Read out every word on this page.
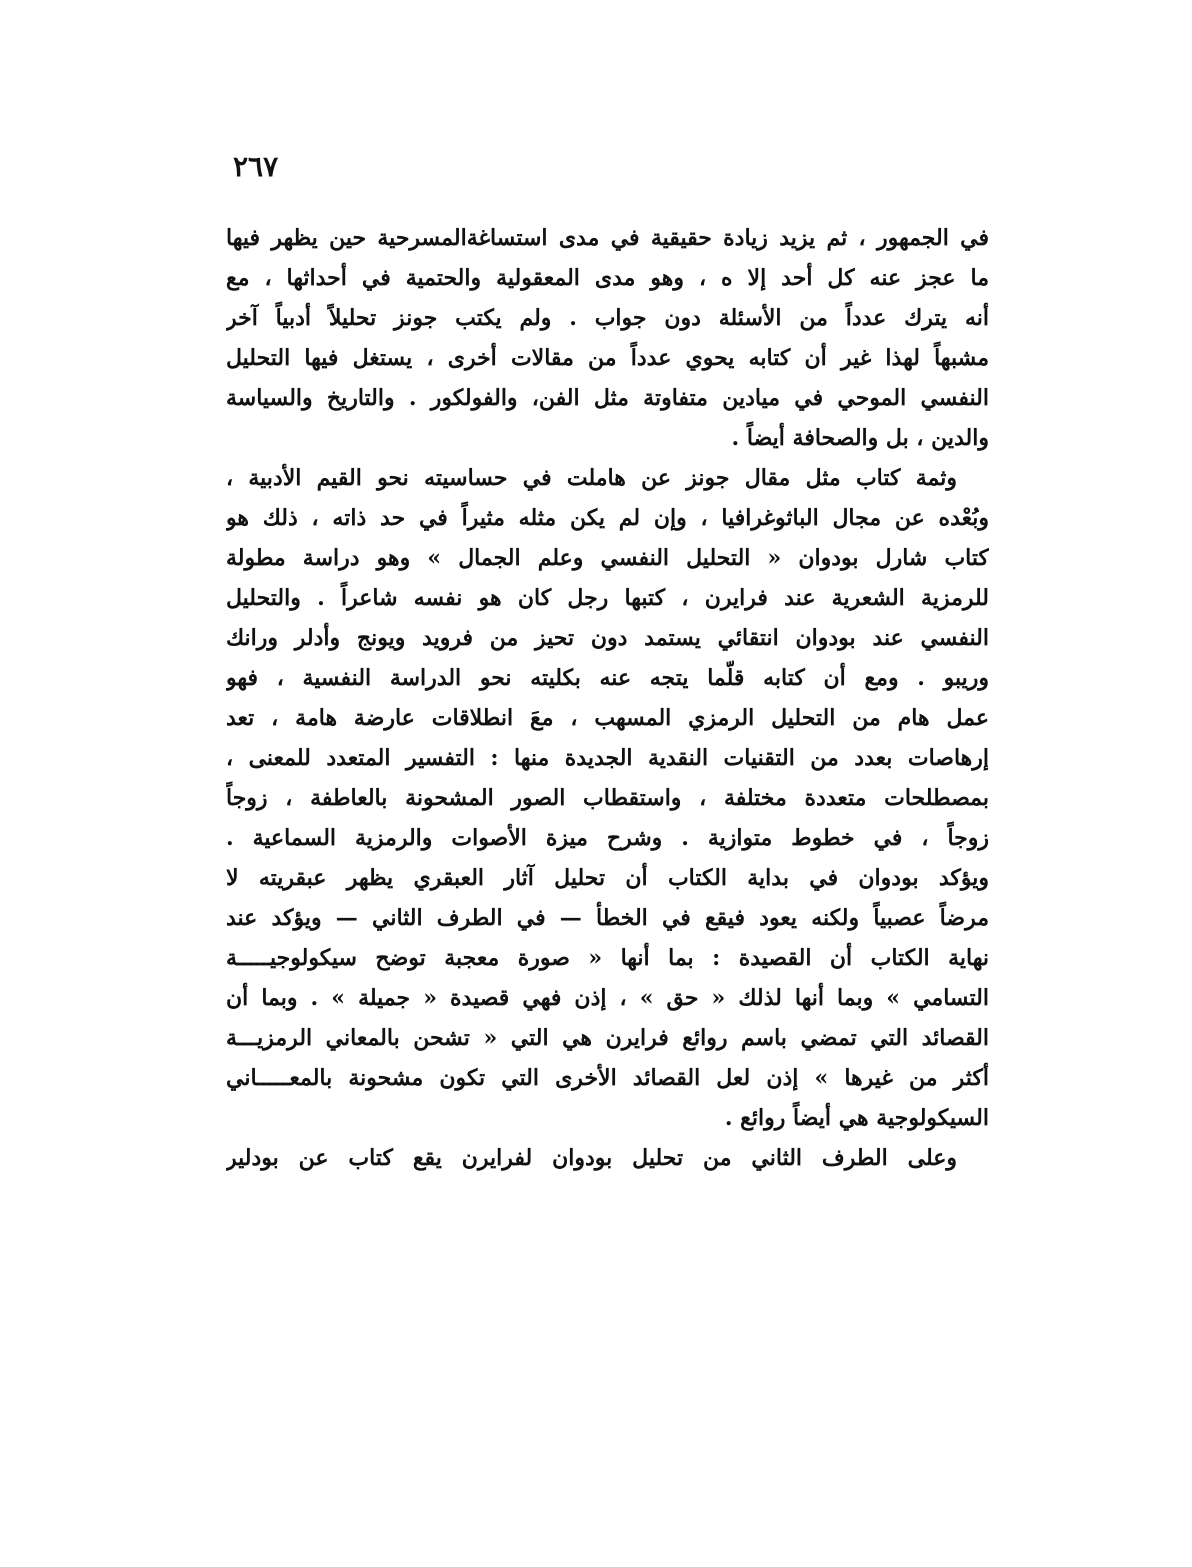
٢٦٧
في الجمهور ، ثم يزيد زيادة حقيقية في مدى استساغةالمسرحية حين يظهر فيها
ما عجز عنه كل أحد إلا ه ، وهو مدى المعقولية والحتمية في أحداثها ، مع
أنه يترك عدداً من الأسئلة دون جواب . ولم يكتب جونز تحليلاً أدبياً آخر
مشبهاً لهذا غير أن كتابه يحوي عدداً من مقالات أخرى ، يستغل فيها التحليل
النفسي الموحي في ميادين متفاوتة مثل الفن، والفولكور . والتاريخ والسياسة
والدين ، بل والصحافة أيضاً .
وثمة كتاب مثل مقال جونز عن هاملت في حساسيته نحو القيم الأدبية ،
وبُعْده عن مجال الباثوغرافيا ، وإن لم يكن مثله مثيراً في حد ذاته ، ذلك هو
كتاب شارل بودوان « التحليل النفسي وعلم الجمال » وهو دراسة مطولة
للرمزية الشعرية عند فرايرن ، كتبها رجل كان هو نفسه شاعراً . والتحليل
النفسي عند بودوان انتقائي يستمد دون تحيز من فرويد ويونج وأدلر ورانك
وريبو . ومع أن كتابه قلّما يتجه عنه بكليته نحو الدراسة النفسية ، فهو
عمل هام من التحليل الرمزي المسهب ، معَ انطلاقات عارضة هامة ، تعد
إرهاصات بعدد من التقنيات النقدية الجديدة منها : التفسير المتعدد للمعنى ،
بمصطلحات متعددة مختلفة ، واستقطاب الصور المشحونة بالعاطفة ، زوجاً
زوجاً ، في خطوط متوازية . وشرح ميزة الأصوات والرمزية السماعية .
ويؤكد بودوان في بداية الكتاب أن تحليل آثار العبقري يظهر عبقريته لا
مرضاً عصبياً ولكنه يعود فيقع في الخطأ — في الطرف الثاني — ويؤكد عند
نهاية الكتاب أن القصيدة : بما أنها « صورة معجبة توضح سيكولوجيـــــة
التسامي » وبما أنها لذلك « حق » ، إذن فهي قصيدة « جميلة » . وبما أن
القصائد التي تمضي باسم روائع فرايرن هي التي « تشحن بالمعاني الرمزيـــة
أكثر من غيرها » إذن لعل القصائد الأخرى التي تكون مشحونة بالمعـــــاني
السيكولوجية هي أيضاً روائع .
وعلى الطرف الثاني من تحليل بودوان لفرايرن يقع كتاب عن بودلير
